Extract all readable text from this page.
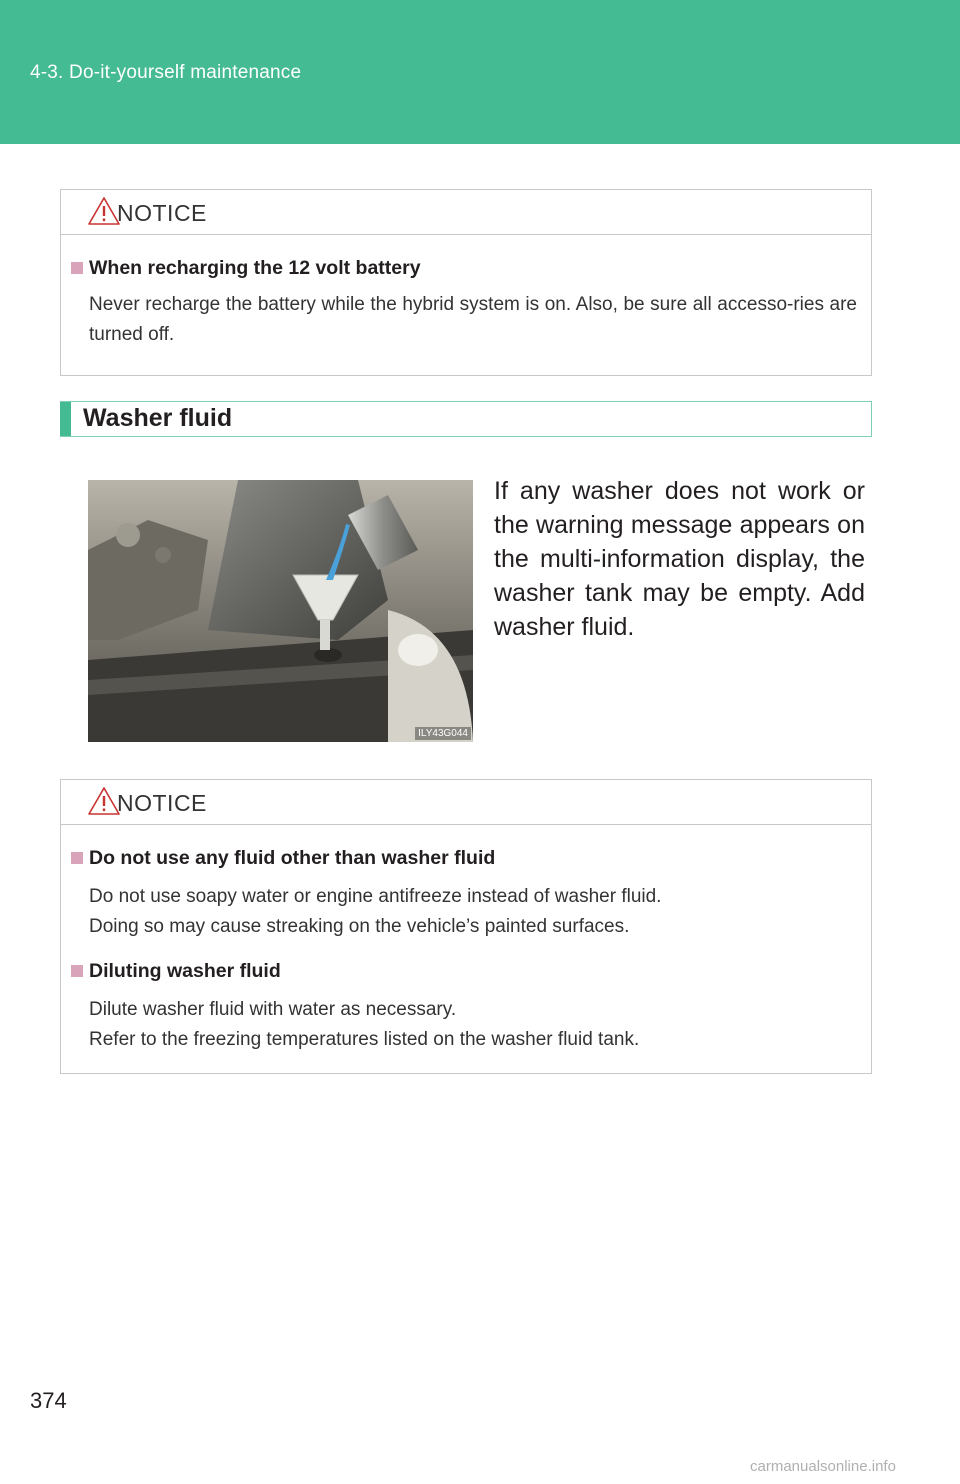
4-3. Do-it-yourself maintenance
NOTICE
When recharging the 12 volt battery
Never recharge the battery while the hybrid system is on. Also, be sure all accesso-ries are turned off.
Washer fluid
ILY43G044
If any washer does not work or the warning message appears on the multi-information display, the washer tank may be empty. Add washer fluid.
NOTICE
Do not use any fluid other than washer fluid
Do not use soapy water or engine antifreeze instead of washer fluid.
Doing so may cause streaking on the vehicle’s painted surfaces.
Diluting washer fluid
Dilute washer fluid with water as necessary.
Refer to the freezing temperatures listed on the washer fluid tank.
374
carmanualsonline.info
